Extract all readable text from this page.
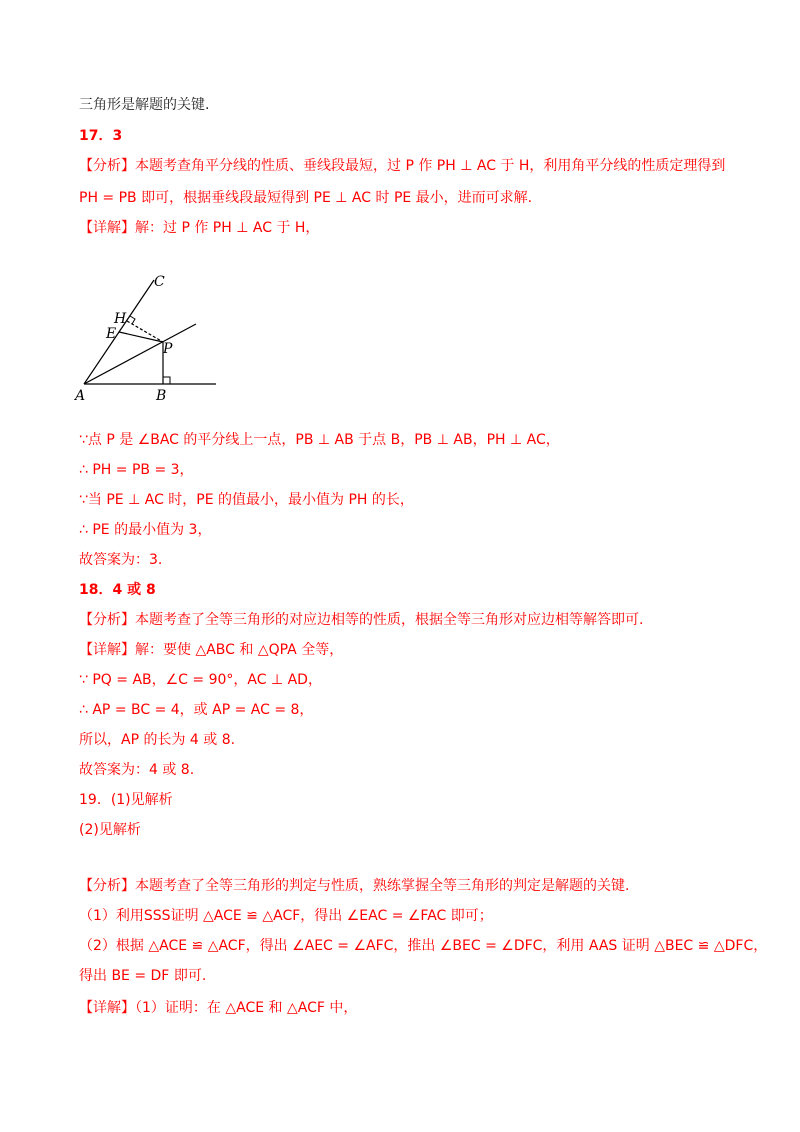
三角形是解题的关键.
17．3
【分析】本题考查角平分线的性质、垂线段最短，过 P 作 PH ⊥ AC 于 H，利用角平分线的性质定理得到
PH = PB 即可，根据垂线段最短得到 PE ⊥ AC 时 PE 最小，进而可求解.
【详解】解：过 P 作 PH ⊥ AC 于 H，
C
H
E
P
A	B
∵点 P 是 ∠BAC 的平分线上一点，PB ⊥ AB 于点 B，PB ⊥ AB，PH ⊥ AC，
∴ PH = PB = 3，
∵当 PE ⊥ AC 时，PE 的值最小，最小值为 PH 的长，
∴ PE 的最小值为 3，
故答案为：3.
18．4 或 8
【分析】本题考查了全等三角形的对应边相等的性质，根据全等三角形对应边相等解答即可.
【详解】解：要使 △ABC 和 △QPA 全等，
∵ PQ = AB，∠C = 90°，AC ⊥ AD，
∴ AP = BC = 4，或 AP = AC = 8，
所以，AP 的长为 4 或 8.
故答案为：4 或 8.
19．(1)见解析
(2)见解析
【分析】本题考查了全等三角形的判定与性质，熟练掌握全等三角形的判定是解题的关键.
（1）利用SSS证明 △ACE ≌ △ACF，得出 ∠EAC = ∠FAC 即可；
（2）根据 △ACE ≌ △ACF，得出 ∠AEC = ∠AFC，推出 ∠BEC = ∠DFC，利用 AAS 证明 △BEC ≌ △DFC，
得出 BE = DF 即可.
【详解】（1）证明：在 △ACE 和 △ACF 中，
